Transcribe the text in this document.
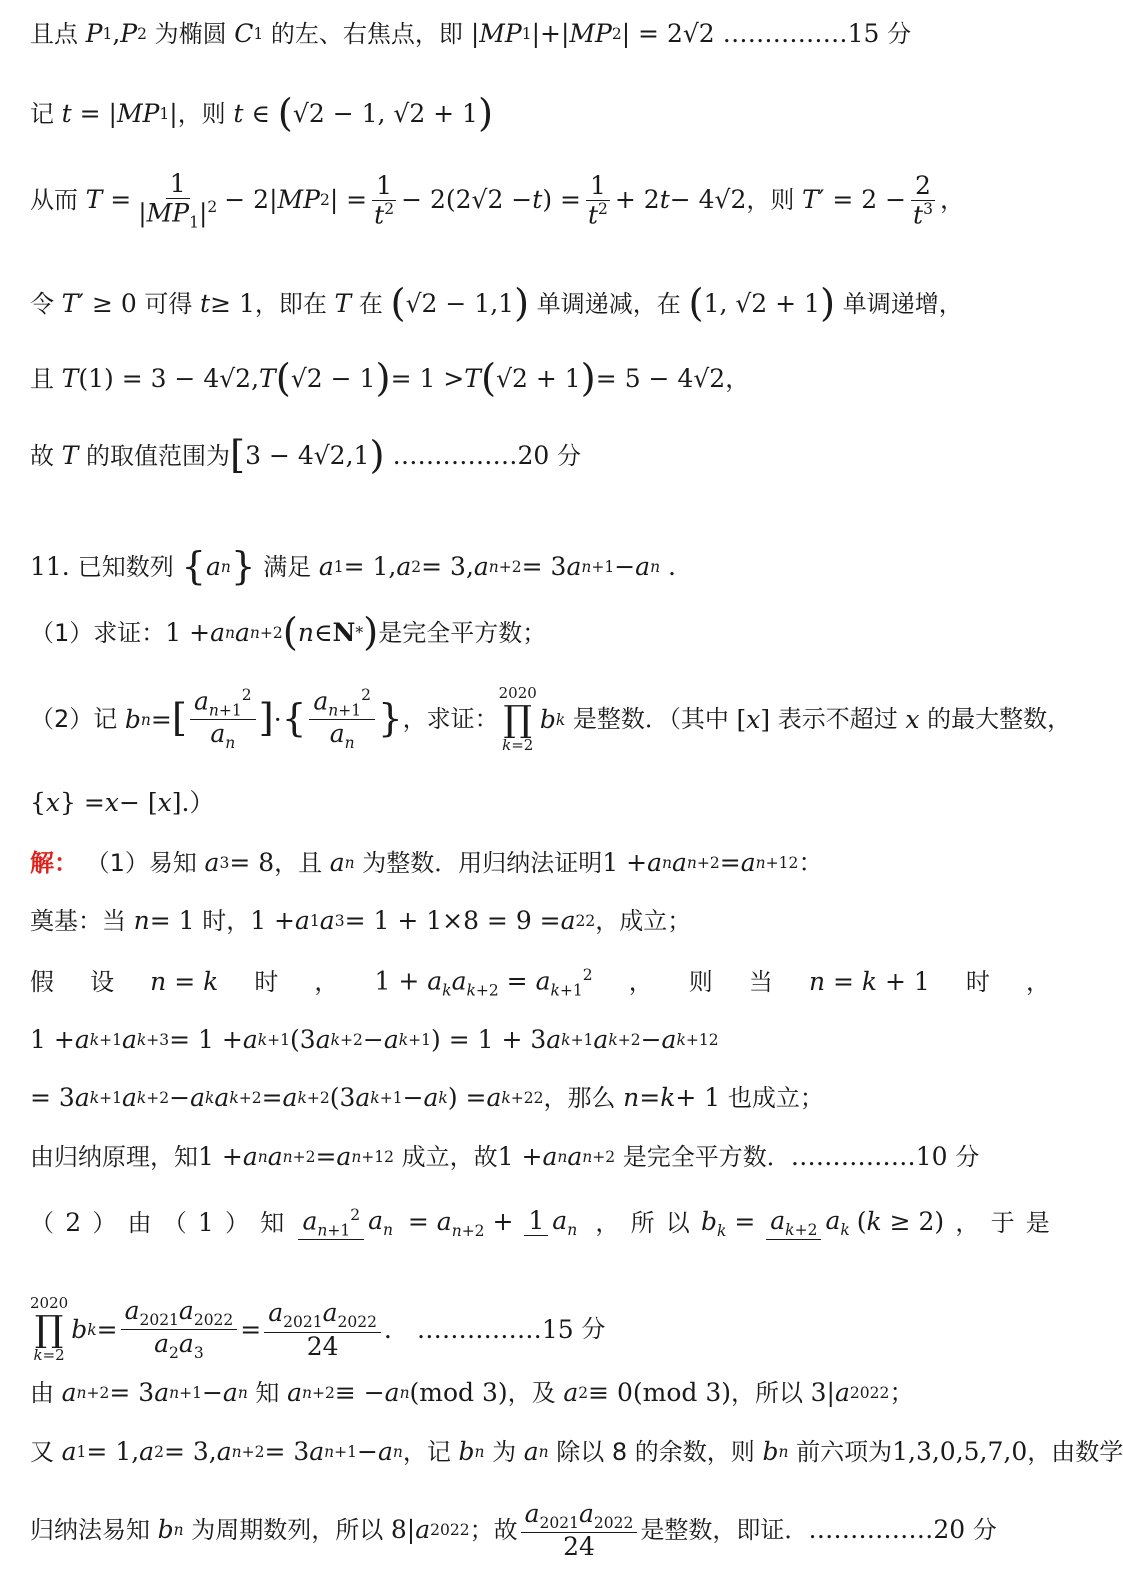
且点 P 1 , P 2 为椭圆 C 1 的左、右焦点，即 | MP 1 |+| MP 2 | = 2√2 ……………15 分
记 t = | MP 1 | ，则 t ∈ ( √2 − 1, √2 + 1 )
从而 $T = \frac{1}{|MP_1|^2} - 2|$ MP 2 | = $\frac{1}{t^2} - 2(2√2 - t$ ) = $\frac{1}{t^2} + 2$ t − 4√2 ，则 T ′ = $2 - \frac{2}{t^3}$ ，
令 T ′ ≥ 0 可得 t ≥ 1 ，即在 T 在 ( √2 − 1,1 ) 单调递减，在 ( 1, √2 + 1 ) 单调递增，
且 T (1) = 3 − 4√2, T ( √2 − 1 ) = 1 > T ( √2 + 1 ) = 5 − 4√2，
故 T 的取值范围为 [ 3 − 4√2,1 ) ……………20 分
11. 已知数列 { a n } 满足 a 1 = 1, a 2 = 3, a n+2 = 3 a n+1 − a n .
（1）求证： 1 + a n a n+2 ( n ∈ N * ) 是完全平方数；
（2）记 b n = [ $\frac{a_{n+1}^2}{a_n}$ ] · { $\frac{a_{n+1}^2}{a_n}$ } ，求证：
2020
∏
k=2
b k 是整数．（其中 [ x ] 表示不超过 x 的最大整数，
{ x } = x − [ x ].）
解： （1）易知 a 3 = 8 ，且 a n 为整数．用归纳法证明 1 + a n a n+2 = a n+1 2 ：
奠基：当 n = 1 时， 1 + a 1 a 3 = 1 + 1×8 = 9 = a 2 2 ，成立；
假 设 n = k 时 ， $1 + a_ka_{k+2} = a_{k+1}^2$ ， 则 当 n = k + 1 时 ，
1 + a k+1 a k+3 = 1 + a k+1 (3 a k+2 − a k+1 ) = 1 + 3 a k+1 a k+2 − a k+1 2
= 3 a k+1 a k+2 − a k a k+2 = a k+2 (3 a k+1 − a k ) = a k+2 2 ，那么 n = k + 1 也成立；
由归纳原理，知 1 + a n a n+2 = a n+1 2 成立，故 1 + a n a n+2 是完全平方数． ……………10 分
（ 2 ） 由 （ 1 ） 知 $a_{n+1}^2$ $a_n = a_{n+2} + 1$ $a_n$ ， 所 以 $b_k = a_{k+2}$ $a_k$ (k ≥ 2) ， 于 是
2020
∏
k=2
b $k = \frac{a_{2021}a_{2022}}{a_2a_3} = \frac{a_{2021}a_{2022}}{24}$ ． ……………15 分
由 a n+2 = 3 a n+1 − a n 知 a n+2 ≡ − a n (mod 3) ，及 a 2 ≡ 0(mod 3) ，所以 3| a 2022 ；
又 a 1 = 1, a 2 = 3, a n+2 = 3 a n+1 − a n ，记 b n 为 a n 除以 8 的余数，则 b n 前六项为 1,3,0,5,7,0 ，由数学
归纳法易知 b n 为周期数列，所以 8| a 2022 ；故 $\frac{a_{2021}a_{2022}}{24}$ 是整数，即证． ……………20 分
